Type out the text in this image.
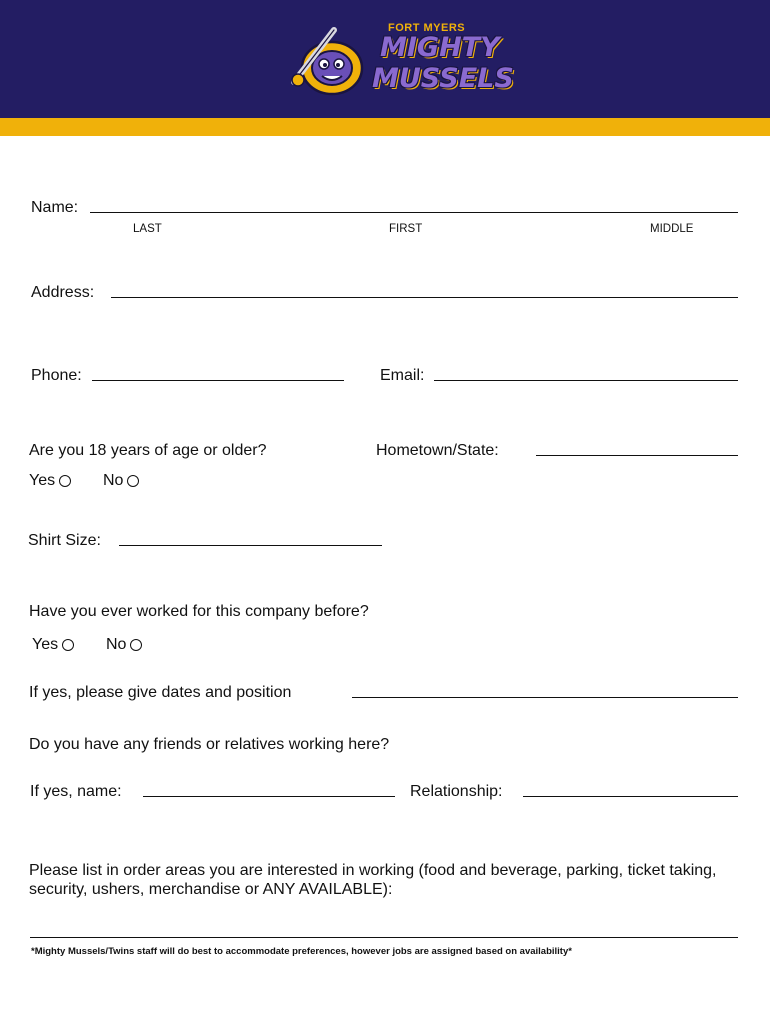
FORT MYERS
MIGHTY
MUSSELS
Name:
LAST	FIRST	MIDDLE
Address:
Phone:	Email:
Are you 18 years of age or older?
Yes	No
Hometown/State:
Shirt Size:
Have you ever worked for this company before?
Yes	No
If yes, please give dates and position
Do you have any friends or relatives working here?
If yes, name:	Relationship:
Please list in order areas you are interested in working (food and beverage, parking, ticket taking, security, ushers, merchandise or ANY AVAILABLE):
*Mighty Mussels/Twins staff will do best to accommodate preferences, however jobs are assigned based on availability*
